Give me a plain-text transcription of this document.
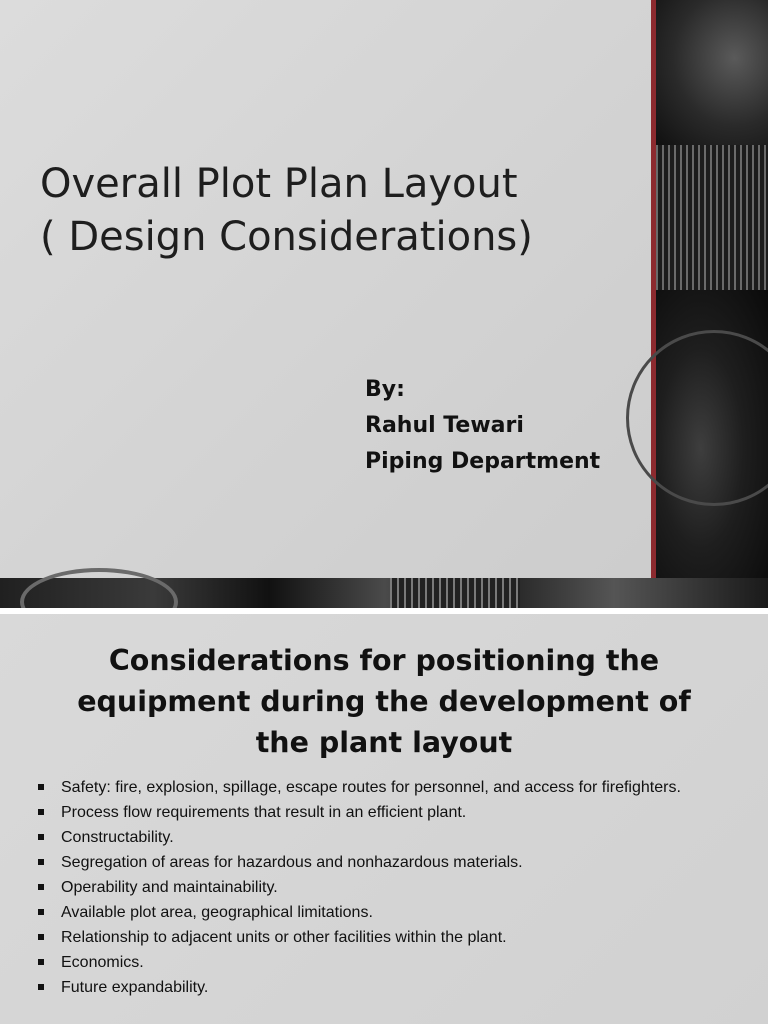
Overall Plot Plan Layout
( Design Considerations)
By:
Rahul Tewari
Piping Department
Considerations for positioning the
equipment during the development of
the plant layout
Safety: fire, explosion, spillage, escape routes for personnel, and access for firefighters.
Process flow requirements that result in an efficient plant.
Constructability.
Segregation of areas for hazardous and nonhazardous materials.
Operability and maintainability.
Available plot area, geographical limitations.
Relationship to adjacent units or other facilities within the plant.
Economics.
Future expandability.
